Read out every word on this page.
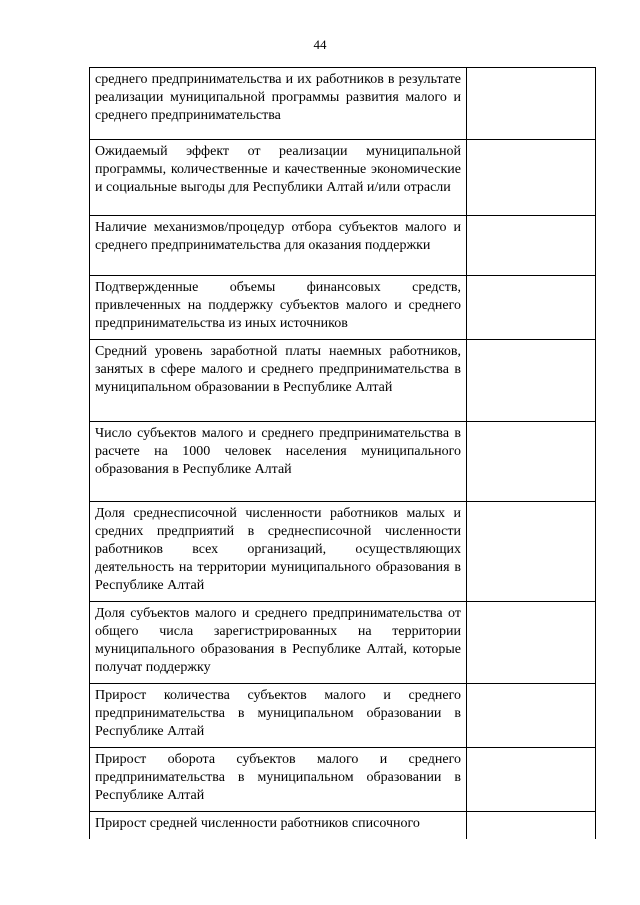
44
среднего предпринимательства и их работников в результате реализации муниципальной программы развития малого и среднего предпринимательства	
Ожидаемый эффект от реализации муниципальной программы, количественные и качественные экономические и социальные выгоды для Республики Алтай и/или отрасли	
Наличие механизмов/процедур отбора субъектов малого и среднего предпринимательства для оказания поддержки	
Подтвержденные объемы финансовых средств, привлеченных на поддержку субъектов малого и среднего предпринимательства из иных источников	
Средний уровень заработной платы наемных работников, занятых в сфере малого и среднего предпринимательства в муниципальном образовании в Республике Алтай	
Число субъектов малого и среднего предпринимательства в расчете на 1000 человек населения муниципального образования в Республике Алтай	
Доля среднесписочной численности работников малых и средних предприятий в среднесписочной численности работников всех организаций, осуществляющих деятельность на территории муниципального образования в Республике Алтай	
Доля субъектов малого и среднего предпринимательства от общего числа зарегистрированных на территории муниципального образования в Республике Алтай, которые получат поддержку	
Прирост количества субъектов малого и среднего предпринимательства в муниципальном образовании в Республике Алтай	
Прирост оборота субъектов малого и среднего предпринимательства в муниципальном образовании в Республике Алтай	
Прирост средней численности работников списочного	
